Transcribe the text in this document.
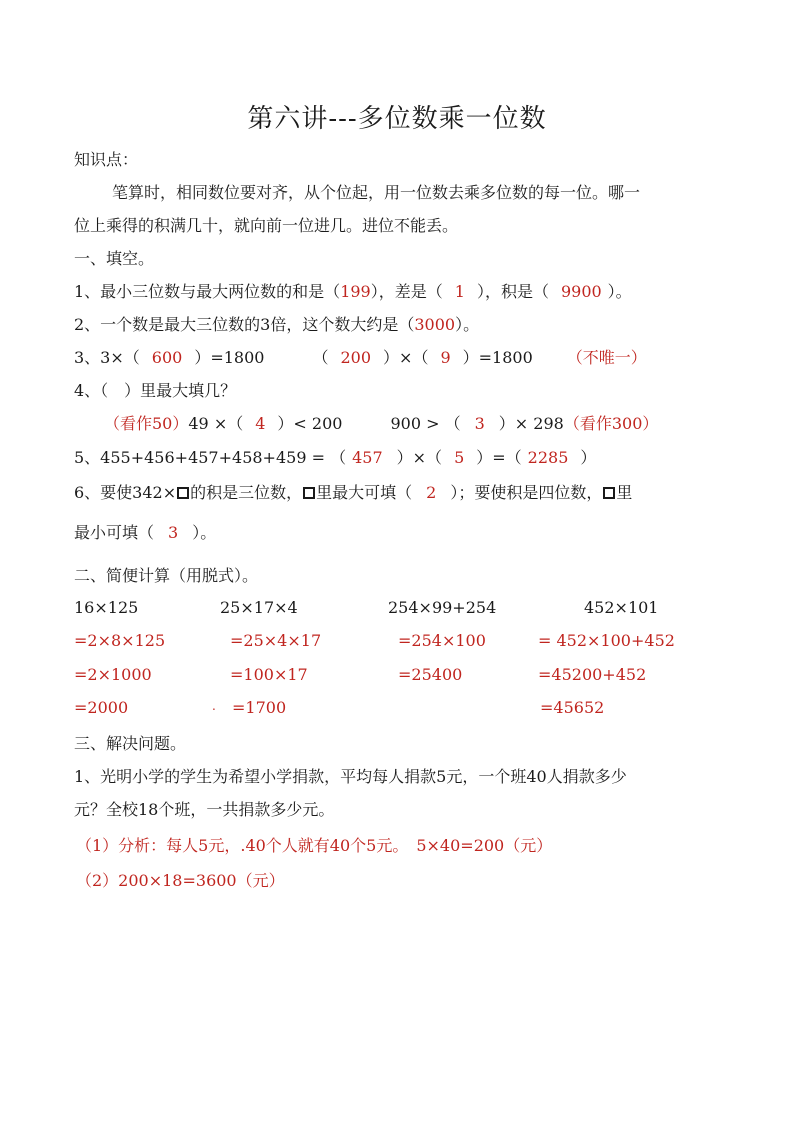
第六讲---多位数乘一位数
知识点：
笔算时，相同数位要对齐，从个位起，用一位数去乘多位数的每一位。哪一
位上乘得的积满几十，就向前一位进几。进位不能丢。
一、填空。
1、最小三位数与最大两位数的和是（199），差是（ 1 ），积是（ 9900 ）。
2、一个数是最大三位数的3倍，这个数大约是（3000）。
3、3×（ 600 ）=1800	（ 200 ）×（ 9 ）=1800 （不唯一）
4、（　）里最大填几？
（看作50）49 ×（ 4 ）< 200	900 > （ 3 ）× 298（看作300）
5、455+456+457+458+459 = （ 457 ）×（ 5 ）=（ 2285 ）
6、要使342× 的积是三位数， 里最大可填（ 2 ）；要使积是四位数， 里
最小可填（ 3 ）。
二、简便计算（用脱式）。
16×125
=2×8×125
=2×1000
=2000
25×17×4
=25×4×17
=100×17
=1700
.
254×99+254
=254×100
=25400
452×101
= 452×100+452
=45200+452
=45652
三、解决问题。
1、光明小学的学生为希望小学捐款，平均每人捐款5元，一个班40人捐款多少
元？全校18个班，一共捐款多少元。
（1）分析：每人5元，.40个人就有40个5元。　5×40=200（元）
（2）200×18=3600（元）
